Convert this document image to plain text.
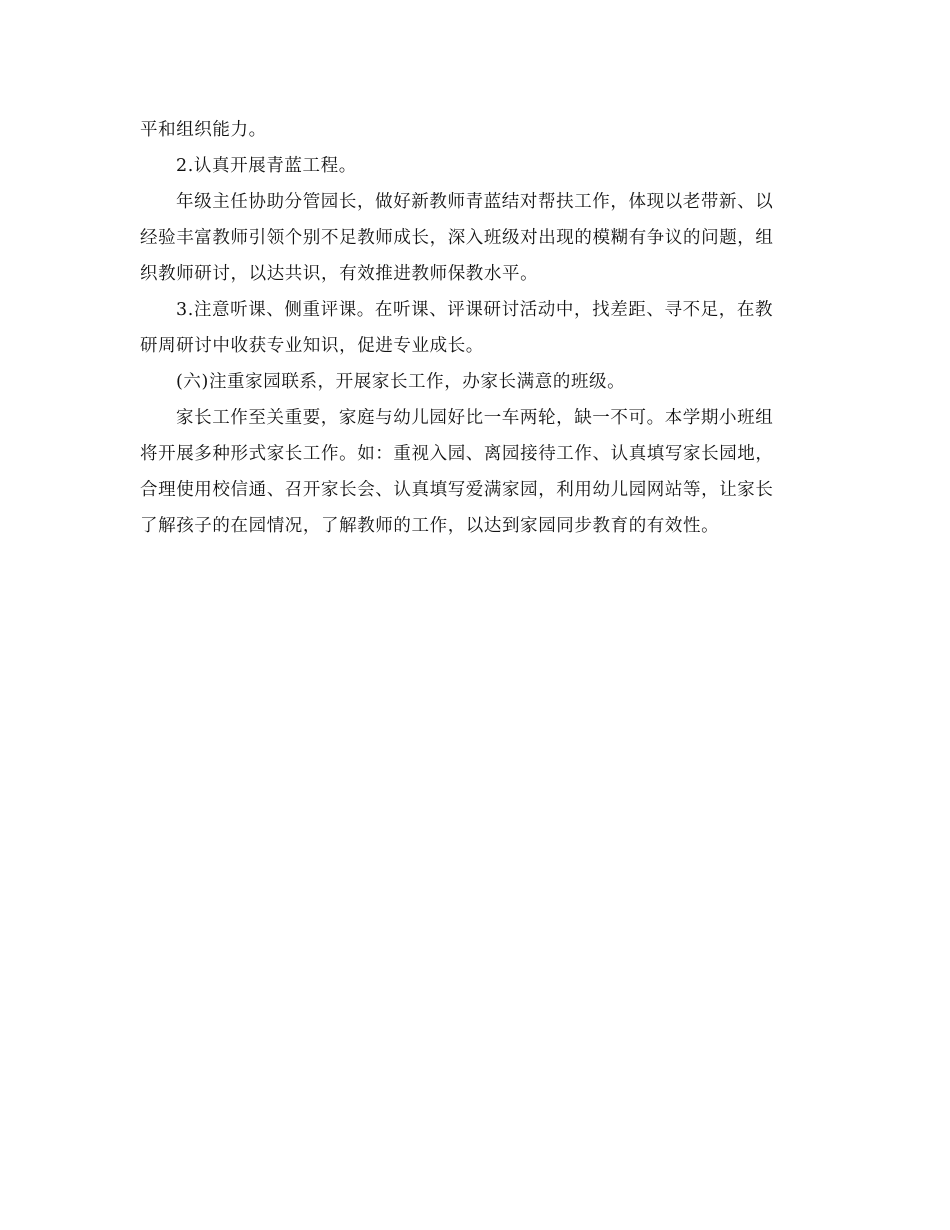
平和组织能力。
2.认真开展青蓝工程。
年级主任协助分管园长，做好新教师青蓝结对帮扶工作，体现以老带新、以
经验丰富教师引领个别不足教师成长，深入班级对出现的模糊有争议的问题，组
织教师研讨，以达共识，有效推进教师保教水平。
3.注意听课、侧重评课。在听课、评课研讨活动中，找差距、寻不足，在教
研周研讨中收获专业知识，促进专业成长。
(六)注重家园联系，开展家长工作，办家长满意的班级。
家长工作至关重要，家庭与幼儿园好比一车两轮，缺一不可。本学期小班组
将开展多种形式家长工作。如：重视入园、离园接待工作、认真填写家长园地，
合理使用校信通、召开家长会、认真填写爱满家园，利用幼儿园网站等，让家长
了解孩子的在园情况，了解教师的工作，以达到家园同步教育的有效性。
